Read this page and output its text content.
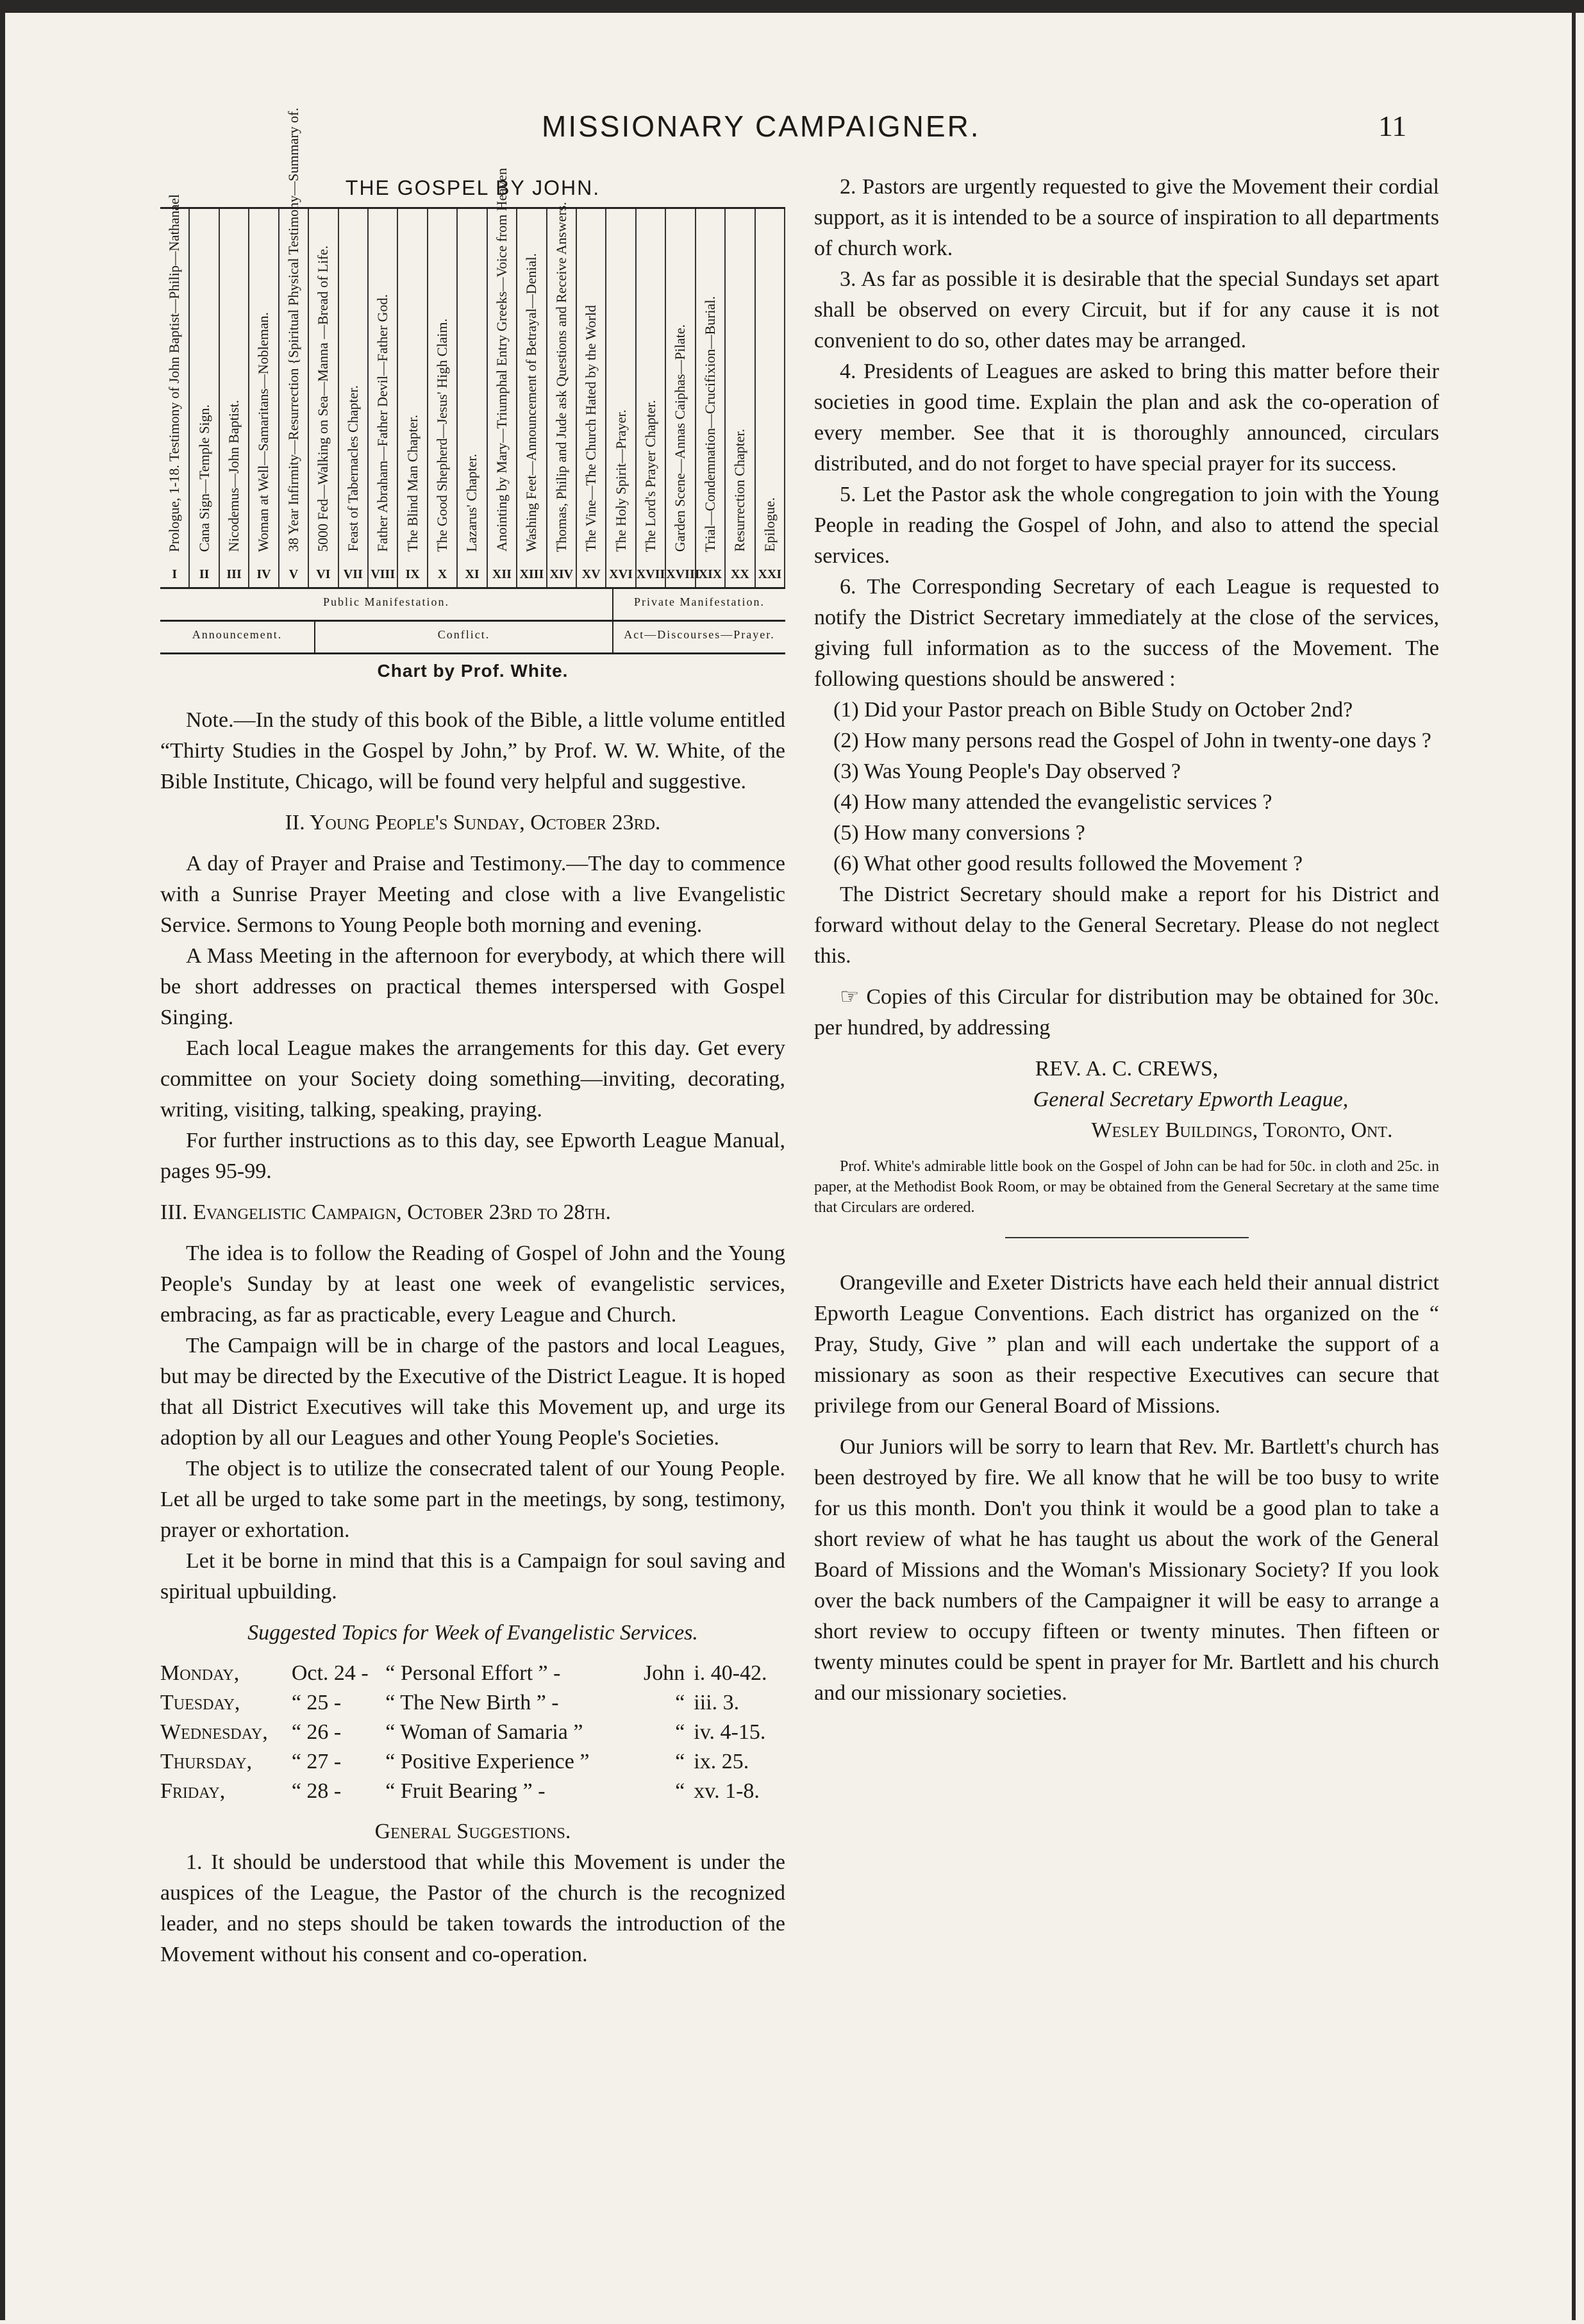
MISSIONARY CAMPAIGNER.	11
THE GOSPEL BY JOHN.
Prologue, 1-18. Testimony of John Baptist—Philip—Nathanael
I
Cana Sign—Temple Sign.
II
Nicodemus—John Baptist.
III
Woman at Well—Samaritans—Nobleman.
IV
38 Year Infirmity—Resurrection {Spiritual Physical Testimony—Summary of.
V
5000 Fed—Walking on Sea—Manna —Bread of Life.
VI
Feast of Tabernacles Chapter.
VII
Father Abraham—Father Devil—Father God.
VIII
The Blind Man Chapter.
IX
The Good Shepherd—Jesus' High Claim.
X
Lazarus' Chapter.
XI
Anointing by Mary—Triumphal Entry Greeks—Voice from Heaven
XII
Washing Feet—Announcement of Betrayal—Denial.
XIII
Thomas, Philip and Jude ask Questions and Receive Answers.
XIV
The Vine—The Church Hated by the World
XV
The Holy Spirit—Prayer.
XVI
The Lord's Prayer Chapter.
XVII
Garden Scene—Annas Caiphas—Pilate.
XVIII
Trial—Condemnation—Crucifixion—Burial.
XIX
Resurrection Chapter.
XX
Epilogue.
XXI
Public Manifestation.	Private Manifestation.
Announcement.	Conflict.	Act—Discourses—Prayer.
Chart by Prof. White.

Note.—In the study of this book of the Bible, a little volume entitled “Thirty Studies in the Gospel by John,” by Prof. W. W. White, of the Bible Institute, Chicago, will be found very helpful and suggestive.

II. Young People's Sunday, October 23rd.

A day of Prayer and Praise and Testimony.—The day to commence with a Sunrise Prayer Meeting and close with a live Evangelistic Service. Sermons to Young People both morning and evening.

A Mass Meeting in the afternoon for everybody, at which there will be short addresses on practical themes interspersed with Gospel Singing.

Each local League makes the arrangements for this day. Get every committee on your Society doing something—inviting, decorating, writing, visiting, talking, speaking, praying.

For further instructions as to this day, see Epworth League Manual, pages 95-99.

III. Evangelistic Campaign, October 23rd to 28th.

The idea is to follow the Reading of Gospel of John and the Young People's Sunday by at least one week of evangelistic services, embracing, as far as practicable, every League and Church.

The Campaign will be in charge of the pastors and local Leagues, but may be directed by the Executive of the District League. It is hoped that all District Executives will take this Movement up, and urge its adoption by all our Leagues and other Young People's Societies.

The object is to utilize the consecrated talent of our Young People. Let all be urged to take some part in the meetings, by song, testimony, prayer or exhortation.

Let it be borne in mind that this is a Campaign for soul saving and spiritual upbuilding.

Suggested Topics for Week of Evangelistic Services.

Monday,	Oct. 24 -	“ Personal Effort ” -	John	i. 40-42.
Tuesday,	“ 25 -	“ The New Birth ” -	“	iii. 3.
Wednesday,	“ 26 -	“ Woman of Samaria ”	“	iv. 4-15.
Thursday,	“ 27 -	“ Positive Experience ”	“	ix. 25.
Friday,	“ 28 -	“ Fruit Bearing ” -	“	xv. 1-8.

General Suggestions.

1. It should be understood that while this Movement is under the auspices of the League, the Pastor of the church is the recognized leader, and no steps should be taken towards the introduction of the Movement without his consent and co-operation.

2. Pastors are urgently requested to give the Movement their cordial support, as it is intended to be a source of inspiration to all departments of church work.

3. As far as possible it is desirable that the special Sundays set apart shall be observed on every Circuit, but if for any cause it is not convenient to do so, other dates may be arranged.

4. Presidents of Leagues are asked to bring this matter before their societies in good time. Explain the plan and ask the co-operation of every member. See that it is thoroughly announced, circulars distributed, and do not forget to have special prayer for its success.

5. Let the Pastor ask the whole congregation to join with the Young People in reading the Gospel of John, and also to attend the special services.

6. The Corresponding Secretary of each League is requested to notify the District Secretary immediately at the close of the services, giving full information as to the success of the Movement. The following questions should be answered :

(1) Did your Pastor preach on Bible Study on October 2nd?

(2) How many persons read the Gospel of John in twenty-one days ?

(3) Was Young People's Day observed ?

(4) How many attended the evangelistic services ?

(5) How many conversions ?

(6) What other good results followed the Movement ?

The District Secretary should make a report for his District and forward without delay to the General Secretary. Please do not neglect this.

☞ Copies of this Circular for distribution may be obtained for 30c. per hundred, by addressing

REV. A. C. CREWS,

General Secretary Epworth League,

Wesley Buildings, Toronto, Ont.

Prof. White's admirable little book on the Gospel of John can be had for 50c. in cloth and 25c. in paper, at the Methodist Book Room, or may be obtained from the General Secretary at the same time that Circulars are ordered.

Orangeville and Exeter Districts have each held their annual district Epworth League Conventions. Each district has organized on the “ Pray, Study, Give ” plan and will each undertake the support of a missionary as soon as their respective Executives can secure that privilege from our General Board of Missions.

Our Juniors will be sorry to learn that Rev. Mr. Bartlett's church has been destroyed by fire. We all know that he will be too busy to write for us this month. Don't you think it would be a good plan to take a short review of what he has taught us about the work of the General Board of Missions and the Woman's Missionary Society? If you look over the back numbers of the Campaigner it will be easy to arrange a short review to occupy fifteen or twenty minutes. Then fifteen or twenty minutes could be spent in prayer for Mr. Bartlett and his church and our missionary societies.
